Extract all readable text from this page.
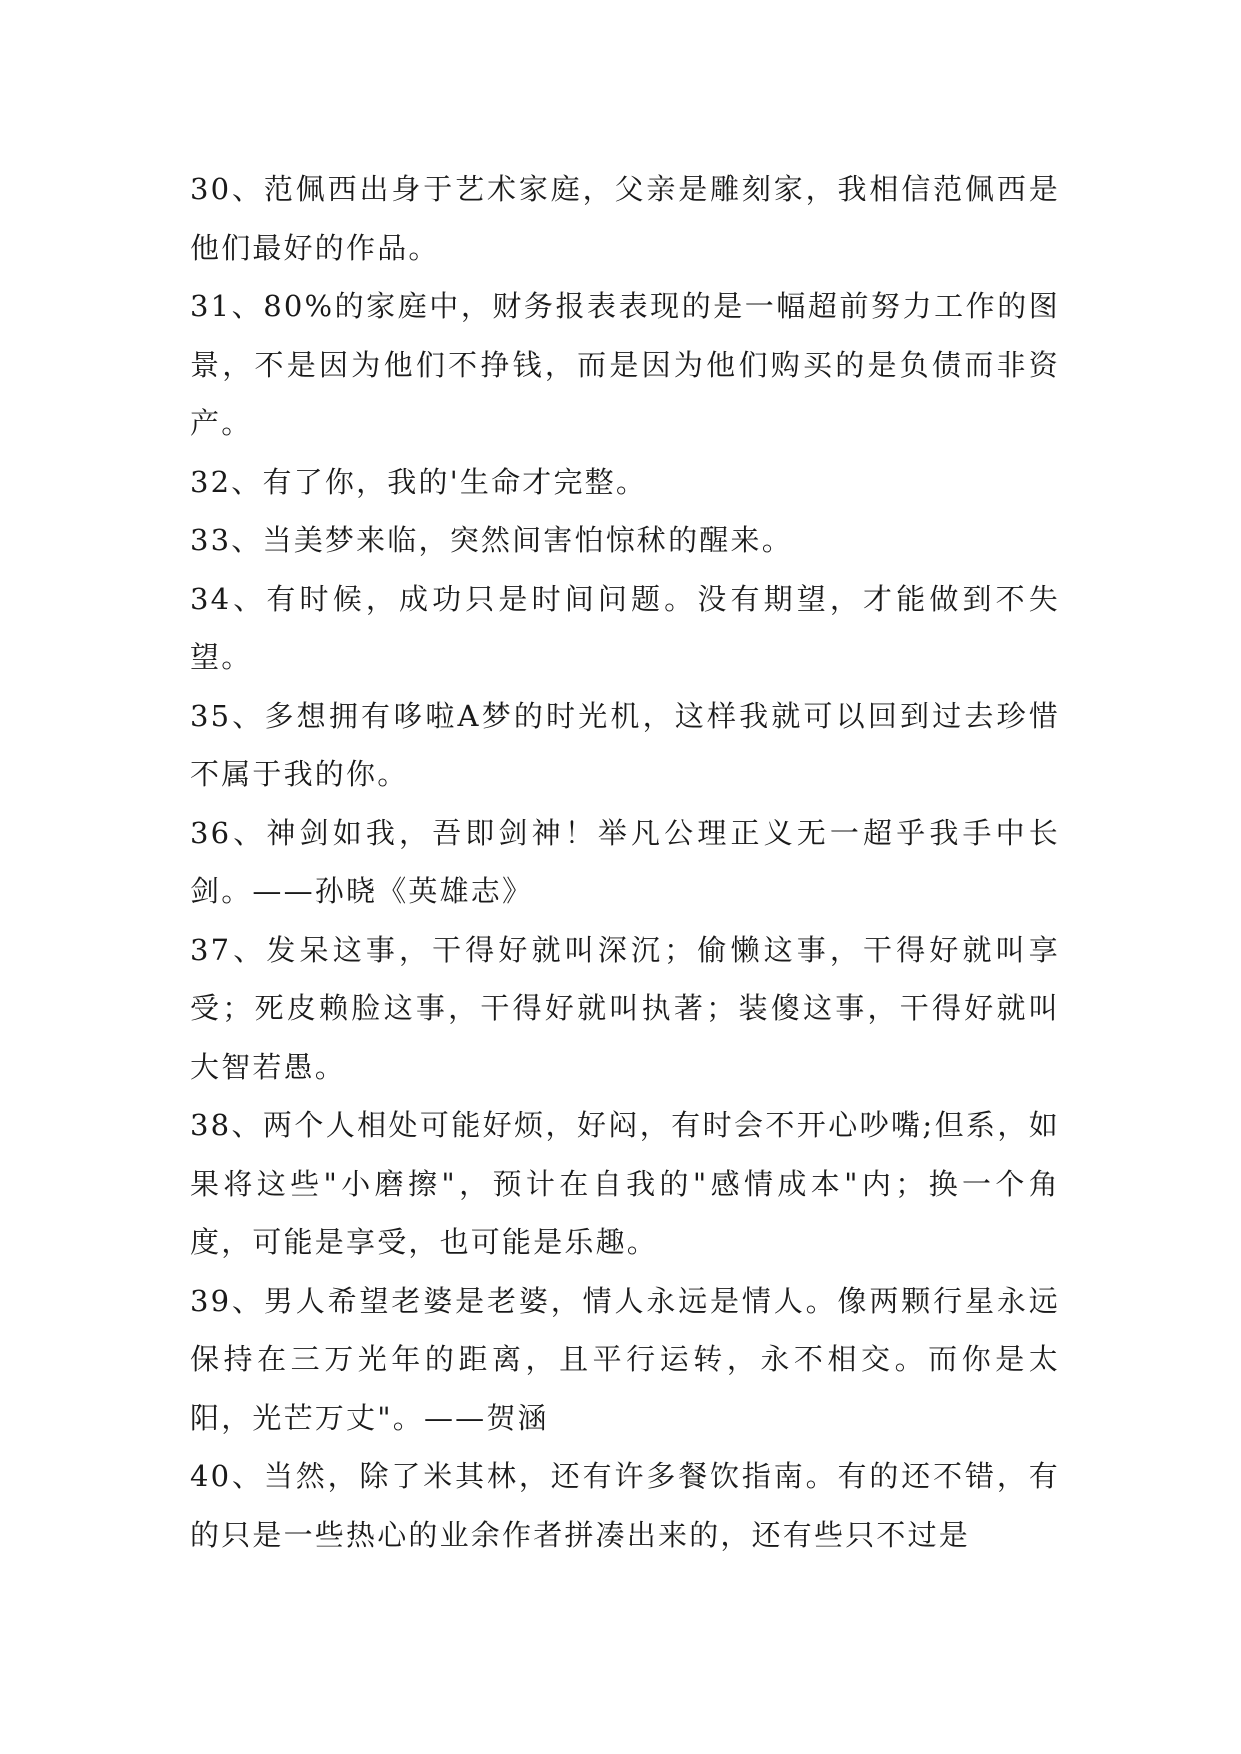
30、范佩西出身于艺术家庭，父亲是雕刻家，我相信范佩西是他们最好的作品。

31、80%的家庭中，财务报表表现的是一幅超前努力工作的图景，不是因为他们不挣钱，而是因为他们购买的是负债而非资产。

32、有了你，我的'生命才完整。

33、当美梦来临，突然间害怕惊秫的醒来。

34、有时候，成功只是时间问题。没有期望，才能做到不失望。

35、多想拥有哆啦A梦的时光机，这样我就可以回到过去珍惜不属于我的你。

36、神剑如我，吾即剑神！举凡公理正义无一超乎我手中长剑。——孙晓《英雄志》

37、发呆这事，干得好就叫深沉；偷懒这事，干得好就叫享受；死皮赖脸这事，干得好就叫执著；装傻这事，干得好就叫大智若愚。

38、两个人相处可能好烦，好闷，有时会不开心吵嘴;但系，如果将这些"小磨擦"，预计在自我的"感情成本"内；换一个角度，可能是享受，也可能是乐趣。

39、男人希望老婆是老婆，情人永远是情人。像两颗行星永远保持在三万光年的距离，且平行运转，永不相交。而你是太阳，光芒万丈"。——贺涵

40、当然，除了米其林，还有许多餐饮指南。有的还不错，有的只是一些热心的业余作者拼凑出来的，还有些只不过是
